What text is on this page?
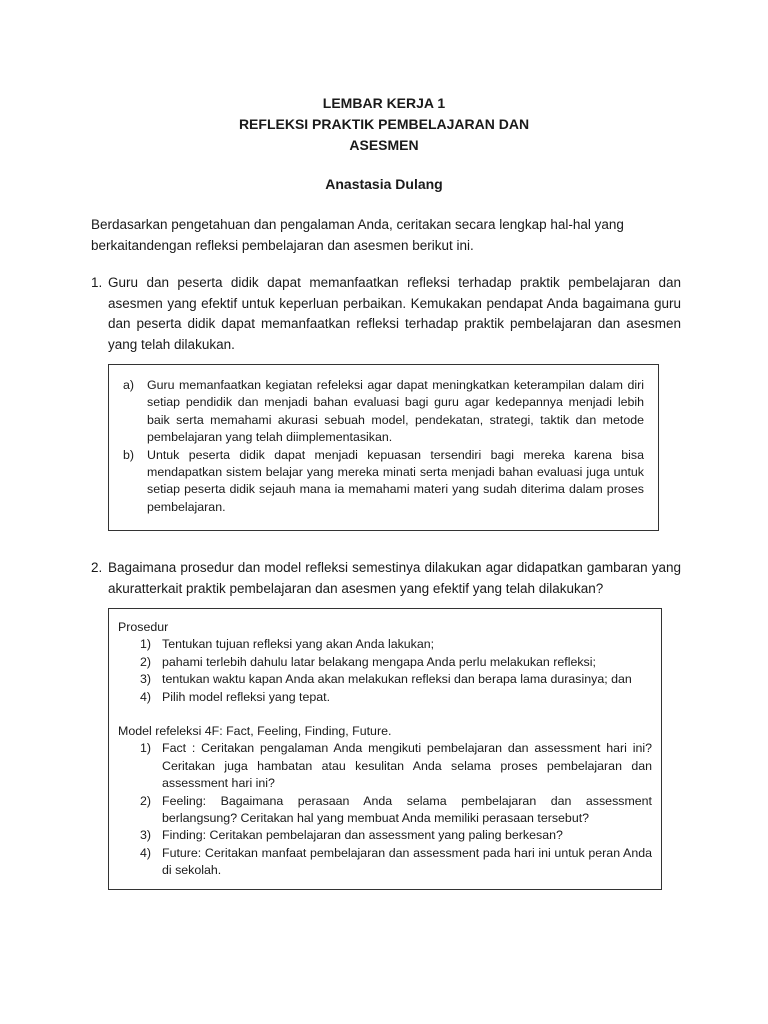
LEMBAR KERJA 1
REFLEKSI PRAKTIK PEMBELAJARAN DAN
ASESMEN
Anastasia Dulang
Berdasarkan pengetahuan dan pengalaman Anda, ceritakan secara lengkap hal-hal yang berkaitandengan refleksi pembelajaran dan asesmen berikut ini.
1. Guru dan peserta didik dapat memanfaatkan refleksi terhadap praktik pembelajaran dan asesmen yang efektif untuk keperluan perbaikan. Kemukakan pendapat Anda bagaimana guru dan peserta didik dapat memanfaatkan refleksi terhadap praktik pembelajaran dan asesmen yang telah dilakukan.
a)	Guru memanfaatkan kegiatan refeleksi agar dapat meningkatkan keterampilan dalam diri setiap pendidik dan menjadi bahan evaluasi bagi guru agar kedepannya menjadi lebih baik serta memahami akurasi sebuah model, pendekatan, strategi, taktik dan metode pembelajaran yang telah diimplementasikan.
b)	Untuk peserta didik dapat menjadi kepuasan tersendiri bagi mereka karena bisa mendapatkan sistem belajar yang mereka minati serta menjadi bahan evaluasi juga untuk setiap peserta didik sejauh mana ia memahami materi yang sudah diterima dalam proses pembelajaran.
2. Bagaimana prosedur dan model refleksi semestinya dilakukan agar didapatkan gambaran yang akuratterkait praktik pembelajaran dan asesmen yang efektif yang telah dilakukan?

Prosedur

1) Tentukan tujuan refleksi yang akan Anda lakukan;
2) pahami terlebih dahulu latar belakang mengapa Anda perlu melakukan refleksi;
3) tentukan waktu kapan Anda akan melakukan refleksi dan berapa lama durasinya; dan
4) Pilih model refleksi yang tepat.

Model refeleksi 4F: Fact, Feeling, Finding, Future.

1) Fact : Ceritakan pengalaman Anda mengikuti pembelajaran dan assessment hari ini? Ceritakan juga hambatan atau kesulitan Anda selama proses pembelajaran dan assessment hari ini?
2) Feeling: Bagaimana perasaan Anda selama pembelajaran dan assessment berlangsung? Ceritakan hal yang membuat Anda memiliki perasaan tersebut?
3) Finding: Ceritakan pembelajaran dan assessment yang paling berkesan?
4) Future: Ceritakan manfaat pembelajaran dan assessment pada hari ini untuk peran Anda di sekolah.
